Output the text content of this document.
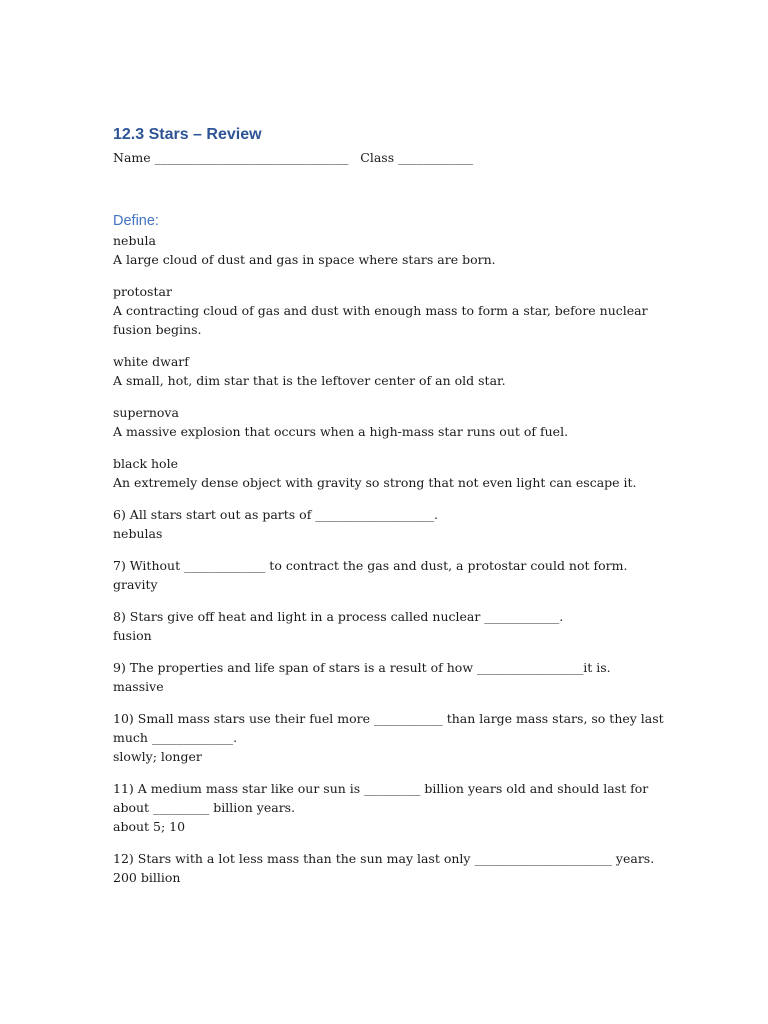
12.3 Stars – Review
Name _______________________________   Class ____________
Define:

nebula

A large cloud of dust and gas in space where stars are born.

protostar

A contracting cloud of gas and dust with enough mass to form a star, before nuclear fusion begins.

white dwarf

A small, hot, dim star that is the leftover center of an old star.

supernova

A massive explosion that occurs when a high-mass star runs out of fuel.

black hole

An extremely dense object with gravity so strong that not even light can escape it.

6) All stars start out as parts of ___________________.

nebulas

7) Without _____________ to contract the gas and dust, a protostar could not form.

gravity

8) Stars give off heat and light in a process called nuclear ____________.

fusion

9) The properties and life span of stars is a result of how _________________it is.

massive

10) Small mass stars use their fuel more ___________ than large mass stars, so they last much _____________.

slowly; longer

11) A medium mass star like our sun is _________ billion years old and should last for about _________ billion years.

about 5; 10

12) Stars with a lot less mass than the sun may last only ______________________ years.

200 billion
